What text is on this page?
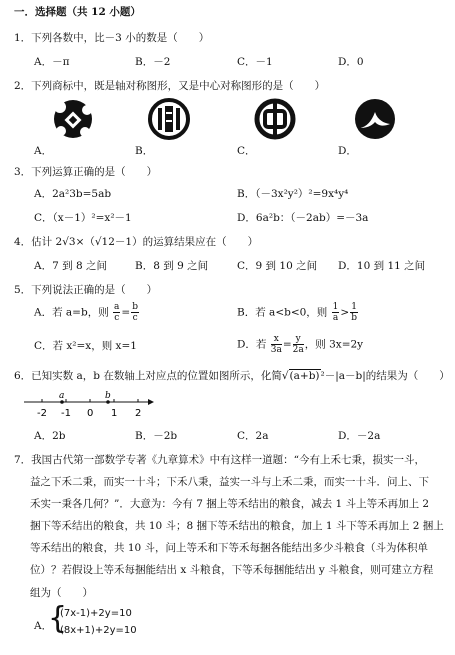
一．选择题（共 12 小题）
1．下列各数中，比－3 小的数是（　　）
A．－π	B．－2	C．－1	D．0
2．下列商标中，既是轴对称图形，又是中心对称图形的是（　　）
A．	B．	C．	D．
3．下列运算正确的是（　　）
A．2a²3b=5ab	B．（－3x²y²）²=9x⁴y⁴
C．（x－1）²=x²－1	D．6a²b：（－2ab）=－3a
4．估计 2√3×（√12－1）的运算结果应在（　　）
A．7 到 8 之间	B．8 到 9 之间	C．9 到 10 之间 D．10 到 11 之间
5．下列说法正确的是（　　）
A．若 a=b，则 $\frac{a}{c} = \frac{b}{c}$	B．若 a<b<0，则 $\frac{1}{a} > \frac{1}{b}$
C．若 x²=x，则 x=1	D．若 $\frac{x}{3a} = \frac{y}{2a}$ ，则 3x=2y
6．已知实数 a，b 在数轴上对应点的位置如图所示，化简√(a+b)²－|a－b|的结果为（　　）
a	b
-2 -1 0 1 2
A．2b	B．－2b	C．2a	D．－2a
7．我国古代第一部数学专著《九章算术》中有这样一道题：“今有上禾七秉，损实一斗，
益之下禾二秉，而实一十斗；下禾八秉，益实一斗与上禾二秉，而实一十斗．问上、下
禾实一秉各几何？”．大意为：今有 7 捆上等禾结出的粮食，减去 1 斗上等禾再加上 2
捆下等禾结出的粮食，共 10 斗；8 捆下等禾结出的粮食，加上 1 斗下等禾再加上 2 捆上
等禾结出的粮食，共 10 斗，问上等禾和下等禾每捆各能结出多少斗粮食（斗为体积单
位）？若假设上等禾每捆能结出 x 斗粮食，下等禾每捆能结出 y 斗粮食，则可建立方程
组为（　　）
A．
{
(7x-1)+2y=10
(8x+1)+2y=10
